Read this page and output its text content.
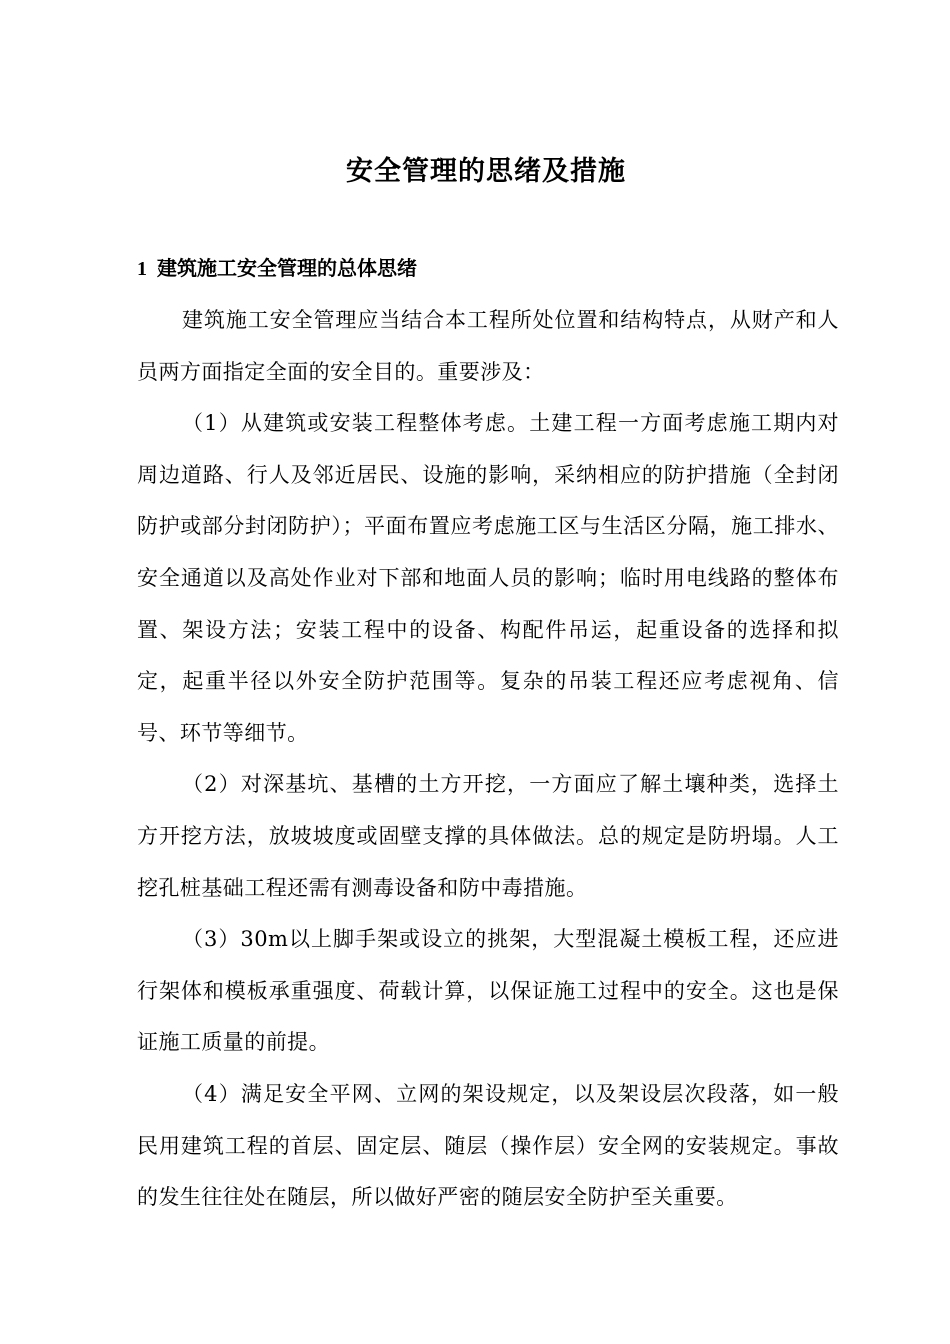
安全管理的思绪及措施
1 建筑施工安全管理的总体思绪

建筑施工安全管理应当结合本工程所处位置和结构特点，从财产和人员两方面指定全面的安全目的。重要涉及：

（1）从建筑或安装工程整体考虑。土建工程一方面考虑施工期内对周边道路、行人及邻近居民、设施的影响，采纳相应的防护措施（全封闭防护或部分封闭防护）；平面布置应考虑施工区与生活区分隔，施工排水、安全通道以及高处作业对下部和地面人员的影响；临时用电线路的整体布置、架设方法；安装工程中的设备、构配件吊运，起重设备的选择和拟定，起重半径以外安全防护范围等。复杂的吊装工程还应考虑视角、信号、环节等细节。

（2）对深基坑、基槽的土方开挖，一方面应了解土壤种类，选择土方开挖方法，放坡坡度或固壁支撑的具体做法。总的规定是防坍塌。人工挖孔桩基础工程还需有测毒设备和防中毒措施。

（3）30m以上脚手架或设立的挑架，大型混凝土模板工程，还应进行架体和模板承重强度、荷载计算，以保证施工过程中的安全。这也是保证施工质量的前提。

（4）满足安全平网、立网的架设规定，以及架设层次段落，如一般民用建筑工程的首层、固定层、随层（操作层）安全网的安装规定。事故的发生往往处在随层，所以做好严密的随层安全防护至关重要。
